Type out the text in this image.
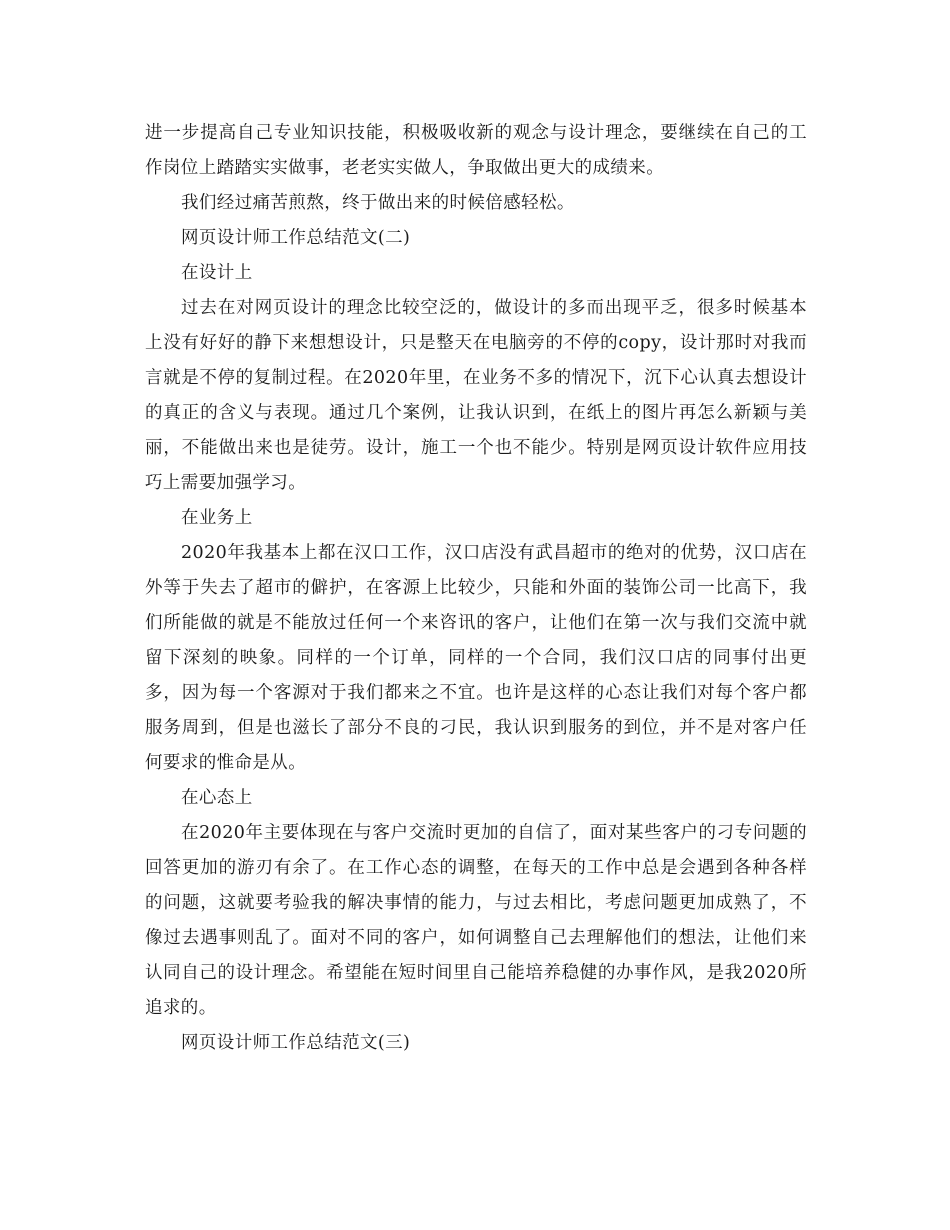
进一步提高自己专业知识技能，积极吸收新的观念与设计理念，要继续在自己的工作岗位上踏踏实实做事，老老实实做人，争取做出更大的成绩来。

我们经过痛苦煎熬，终于做出来的时候倍感轻松。

网页设计师工作总结范文(二)

在设计上

过去在对网页设计的理念比较空泛的，做设计的多而出现平乏，很多时候基本上没有好好的静下来想想设计，只是整天在电脑旁的不停的copy，设计那时对我而言就是不停的复制过程。在2020年里，在业务不多的情况下，沉下心认真去想设计的真正的含义与表现。通过几个案例，让我认识到，在纸上的图片再怎么新颖与美丽，不能做出来也是徒劳。设计，施工一个也不能少。特别是网页设计软件应用技巧上需要加强学习。

在业务上

2020年我基本上都在汉口工作，汉口店没有武昌超市的绝对的优势，汉口店在外等于失去了超市的僻护，在客源上比较少，只能和外面的装饰公司一比高下，我们所能做的就是不能放过任何一个来咨讯的客户，让他们在第一次与我们交流中就留下深刻的映象。同样的一个订单，同样的一个合同，我们汉口店的同事付出更多，因为每一个客源对于我们都来之不宜。也许是这样的心态让我们对每个客户都服务周到，但是也滋长了部分不良的刁民，我认识到服务的到位，并不是对客户任何要求的惟命是从。

在心态上

在2020年主要体现在与客户交流时更加的自信了，面对某些客户的刁专问题的回答更加的游刃有余了。在工作心态的调整，在每天的工作中总是会遇到各种各样的问题，这就要考验我的解决事情的能力，与过去相比，考虑问题更加成熟了，不像过去遇事则乱了。面对不同的客户，如何调整自己去理解他们的想法，让他们来认同自己的设计理念。希望能在短时间里自己能培养稳健的办事作风，是我2020所追求的。

网页设计师工作总结范文(三)
